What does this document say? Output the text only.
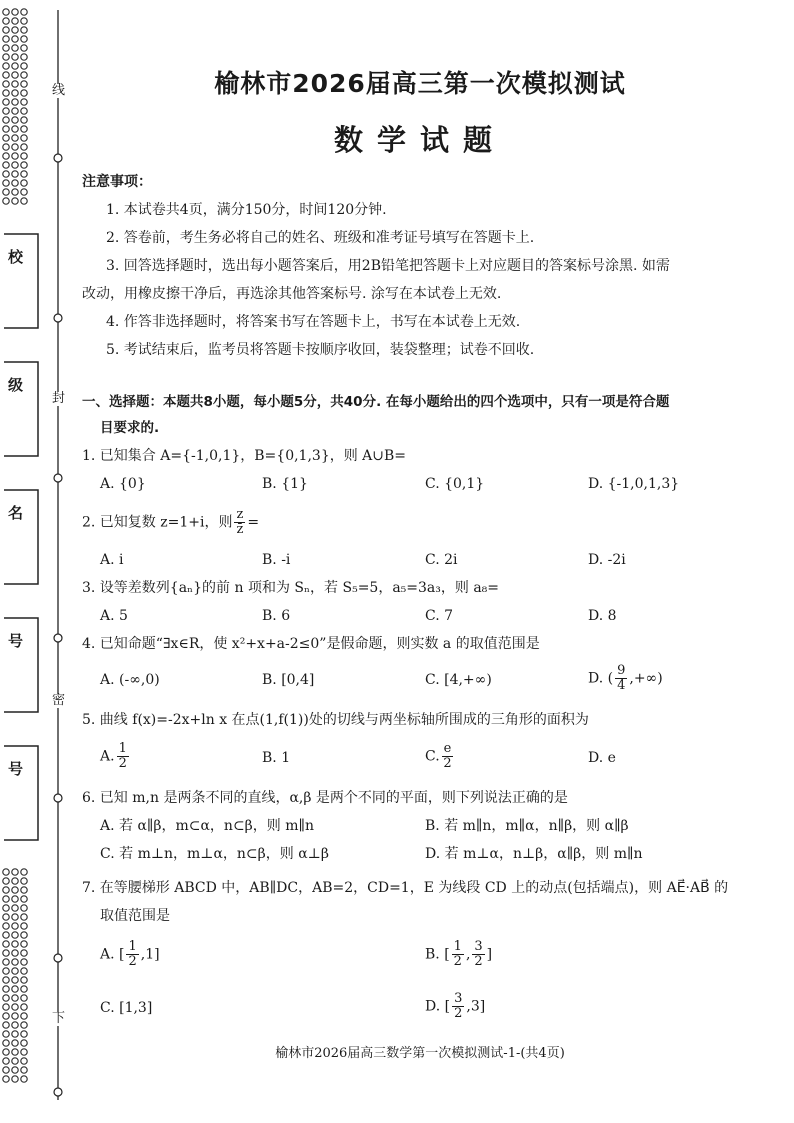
校
级
名
号
号
线
封
密
下
榆林市2026届高三第一次模拟测试
数学试题
注意事项：
1. 本试卷共4页，满分150分，时间120分钟.
2. 答卷前，考生务必将自己的姓名、班级和准考证号填写在答题卡上.
3. 回答选择题时，选出每小题答案后，用2B铅笔把答题卡上对应题目的答案标号涂黑. 如需
改动，用橡皮擦干净后，再选涂其他答案标号. 涂写在本试卷上无效.
4. 作答非选择题时，将答案书写在答题卡上，书写在本试卷上无效.
5. 考试结束后，监考员将答题卡按顺序收回，装袋整理；试卷不回收.
一、选择题：本题共8小题，每小题5分，共40分. 在每小题给出的四个选项中，只有一项是符合题
目要求的.
1. 已知集合 A={-1,0,1}，B={0,1,3}，则 A∪B=
A. {0}	B. {1}	C. {0,1}	D. {-1,0,1,3}
2. 已知复数 z=1+i，则 $\frac{z}{z̄}$ =
A. i	B. -i	C. 2i	D. -2i
3. 设等差数列{aₙ}的前 n 项和为 Sₙ，若 S₅=5，a₅=3a₃，则 a₈=
A. 5	B. 6	C. 7	D. 8
4. 已知命题“∃x∈R，使 x²+x+a-2≤0”是假命题，则实数 a 的取值范围是
A. (-∞,0)	B. [0,4]	C. [4,+∞)	D. ( $\frac{9}{4}$ ,+∞)
5. 曲线 f(x)=-2x+ln x 在点(1,f(1))处的切线与两坐标轴所围成的三角形的面积为
A. $\frac{1}{2}$	B. 1	C. $\frac{e}{2}$	D. e
6. 已知 m,n 是两条不同的直线，α,β 是两个不同的平面，则下列说法正确的是
A. 若 α∥β，m⊂α，n⊂β，则 m∥n	B. 若 m∥n，m∥α，n∥β，则 α∥β
C. 若 m⊥n，m⊥α，n⊂β，则 α⊥β	D. 若 m⊥α，n⊥β，α∥β，则 m∥n
7. 在等腰梯形 ABCD 中，AB∥DC，AB=2，CD=1，E 为线段 CD 上的动点(包括端点)，则 AE⃗·AB⃗ 的
取值范围是
A. [ $\frac{1}{2} ,1$]	B. [ $\frac{1}{2}$ , $\frac{3}{2}$ ]
C. [1,3]	D. [ $\frac{3}{2} ,3$]
榆林市2026届高三数学第一次模拟测试-1-(共4页)
